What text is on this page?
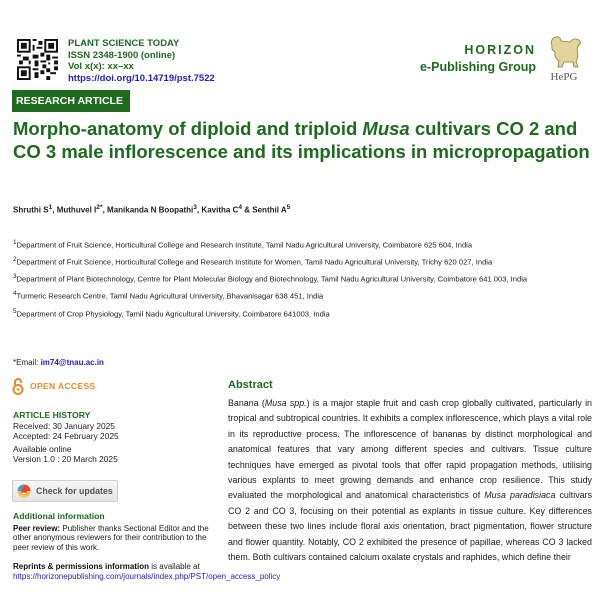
PLANT SCIENCE TODAY
ISSN 2348-1900 (online)
Vol x(x): xx–xx
https://doi.org/10.14719/pst.7522
HORIZON
e-Publishing Group
HePG
RESEARCH ARTICLE
Morpho-anatomy of diploid and triploid Musa cultivars CO 2 and CO 3 male inflorescence and its implications in micropropagation
Shruthi $S^1$, Muthuvel $I^{2*}$, Manikanda N Boopathi$^3$, Kavitha $C^4$ & Senthil $A^5$
$^1$Department of Fruit Science, Horticultural College and Research Institute, Tamil Nadu Agricultural University, Coimbatore 625 604, India
$^2$Department of Fruit Science, Horticultural College and Research Institute for Women, Tamil Nadu Agricultural University, Trichy 620 027, India
$^3$Department of Plant Biotechnology, Centre for Plant Molecular Biology and Biotechnology, Tamil Nadu Agricultural University, Coimbatore 641 003, India
$^4$Turmeric Research Centre, Tamil Nadu Agricultural University, Bhavanisagar 638 451, India
$^5$Department of Crop Physiology, Tamil Nadu Agricultural University, Coimbatore 641003, India
*Email: im74@tnau.ac.in
OPEN ACCESS
ARTICLE HISTORY
Received: 30 January 2025
Accepted: 24 February 2025
Available online
Version 1.0 : 20 March 2025
Check for updates
Additional information
Peer review: Publisher thanks Sectional Editor and the other anonymous reviewers for their contribution to the peer review of this work.
Reprints & permissions information is available at https://horizonepublishing.com/journals/index.php/PST/open_access_policy
Abstract

Banana (Musa spp.) is a major staple fruit and cash crop globally cultivated, particularly in tropical and subtropical countries. It exhibits a complex inflorescence, which plays a vital role in its reproductive process. The inflorescence of bananas by distinct morphological and anatomical features that vary among different species and cultivars. Tissue culture techniques have emerged as pivotal tools that offer rapid propagation methods, utilising various explants to meet growing demands and enhance crop resilience. This study evaluated the morphological and anatomical characteristics of Musa paradisiaca cultivars CO 2 and CO 3, focusing on their potential as explants in tissue culture. Key differences between these two lines include floral axis orientation, bract pigmentation, flower structure and flower quantity. Notably, CO 2 exhibited the presence of papillae, whereas CO 3 lacked them. Both cultivars contained calcium oxalate crystals and raphides, which define their
